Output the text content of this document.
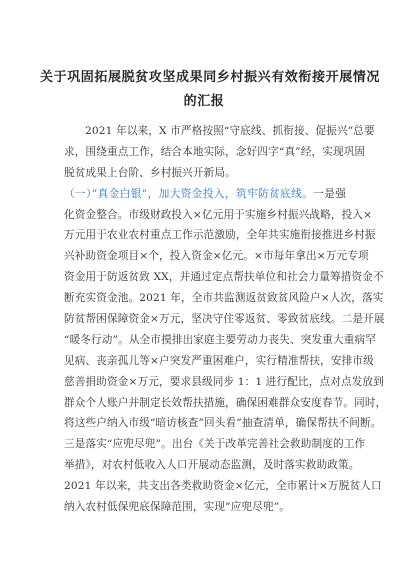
关于巩固拓展脱贫攻坚成果同乡村振兴有效衔接开展情况
的汇报
2021 年以来，X 市严格按照“守底线、抓衔接、促振兴”总要
求，围绕重点工作，结合本地实际，念好四字“真”经，实现巩固
脱贫成果上台阶、乡村振兴开新局。
（一）”真金白银”，加大资金投入，筑牢防贫底线。一是强
化资金整合。市级财政投入×亿元用于实施乡村振兴战略，投入×
万元用于农业农村重点工作示范激励，全年共实施衔接推进乡村振
兴补助资金项目×个，投入资金×亿元。×市每年拿出×万元专项
资金用于防返贫致 XX，并通过定点帮扶单位和社会力量筹措资金不
断充实资金池。2021 年，全市共监测返贫致贫风险户×人次，落实
防贫帮困保障资金×万元，坚决守住零返贫、零致贫底线。二是开展
“暖冬行动”。从全市摸排出家庭主要劳动力丧失、突发重大重病罕
见病、丧亲孤儿等×户突发严重困难户，实行精准帮扶，安排市级
慈善捐助资金×万元，要求县级同步 1：1 进行配比，点对点发放到
群众个人账户并制定长效帮扶措施，确保困难群众安度春节。同时，
将这些户纳入市级“暗访核查”回头看”抽查清单，确保帮扶不间断。
三是落实“应兜尽兜”。出台《关于改革完善社会救助制度的工作
举措》，对农村低收入人口开展动态监测，及时落实救助政策。
2021 年以来，共支出各类救助资金×亿元，全市累计×万脱贫人口
纳入农村低保兜底保障范围，实现”应兜尽兜”。
